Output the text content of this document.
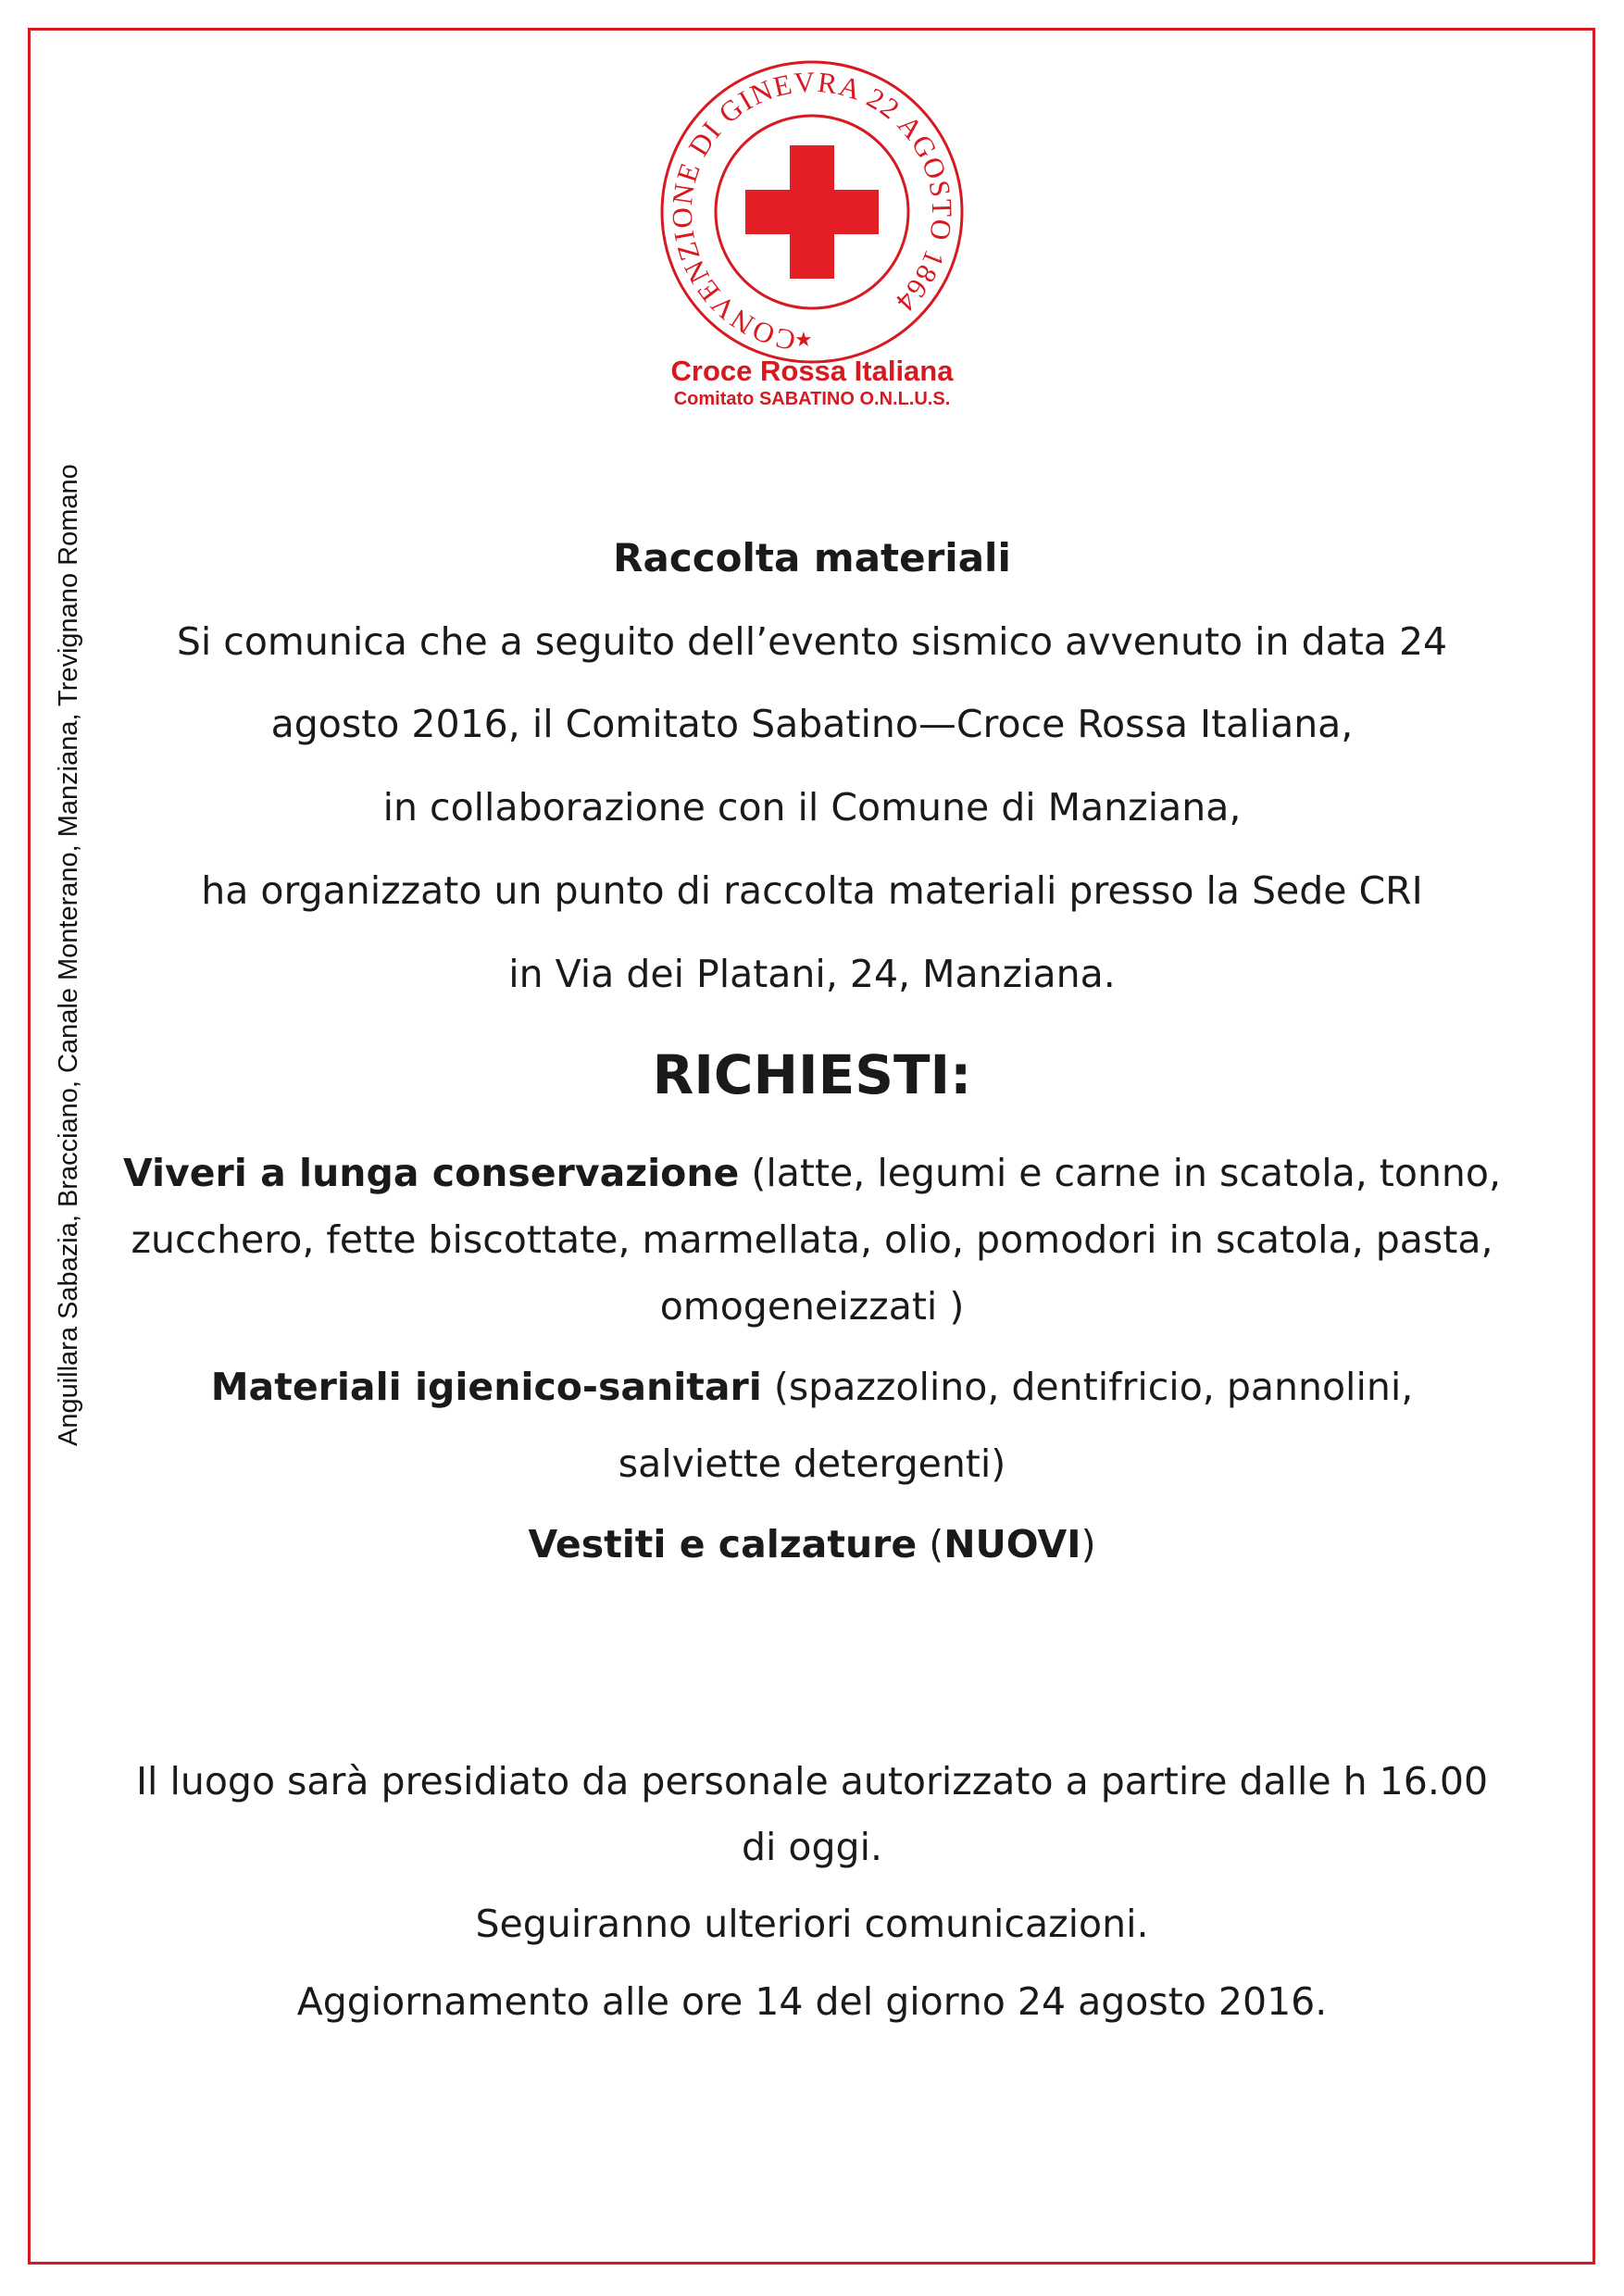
Anguillara Sabazia, Bracciano, Canale Monterano, Manziana, Trevignano Romano
CONVENZIONE DI GINEVRA 22 AGOSTO 1864
★
Croce Rossa Italiana
Comitato SABATINO O.N.L.U.S.
Raccolta materiali
Si comunica che a seguito dell’evento sismico avvenuto in data 24
agosto 2016, il Comitato Sabatino—Croce Rossa Italiana,
in collaborazione con il Comune di Manziana,
ha organizzato un punto di raccolta materiali presso la Sede CRI
in Via dei Platani, 24, Manziana.
RICHIESTI:
Viveri a lunga conservazione (latte, legumi e carne in scatola, tonno,
zucchero, fette biscottate, marmellata, olio, pomodori in scatola, pasta,
omogeneizzati )
Materiali igienico-sanitari (spazzolino, dentifricio, pannolini,
salviette detergenti)
Vestiti e calzature (NUOVI)
Il luogo sarà presidiato da personale autorizzato a partire dalle h 16.00
di oggi.
Seguiranno ulteriori comunicazioni.
Aggiornamento alle ore 14 del giorno 24 agosto 2016.
